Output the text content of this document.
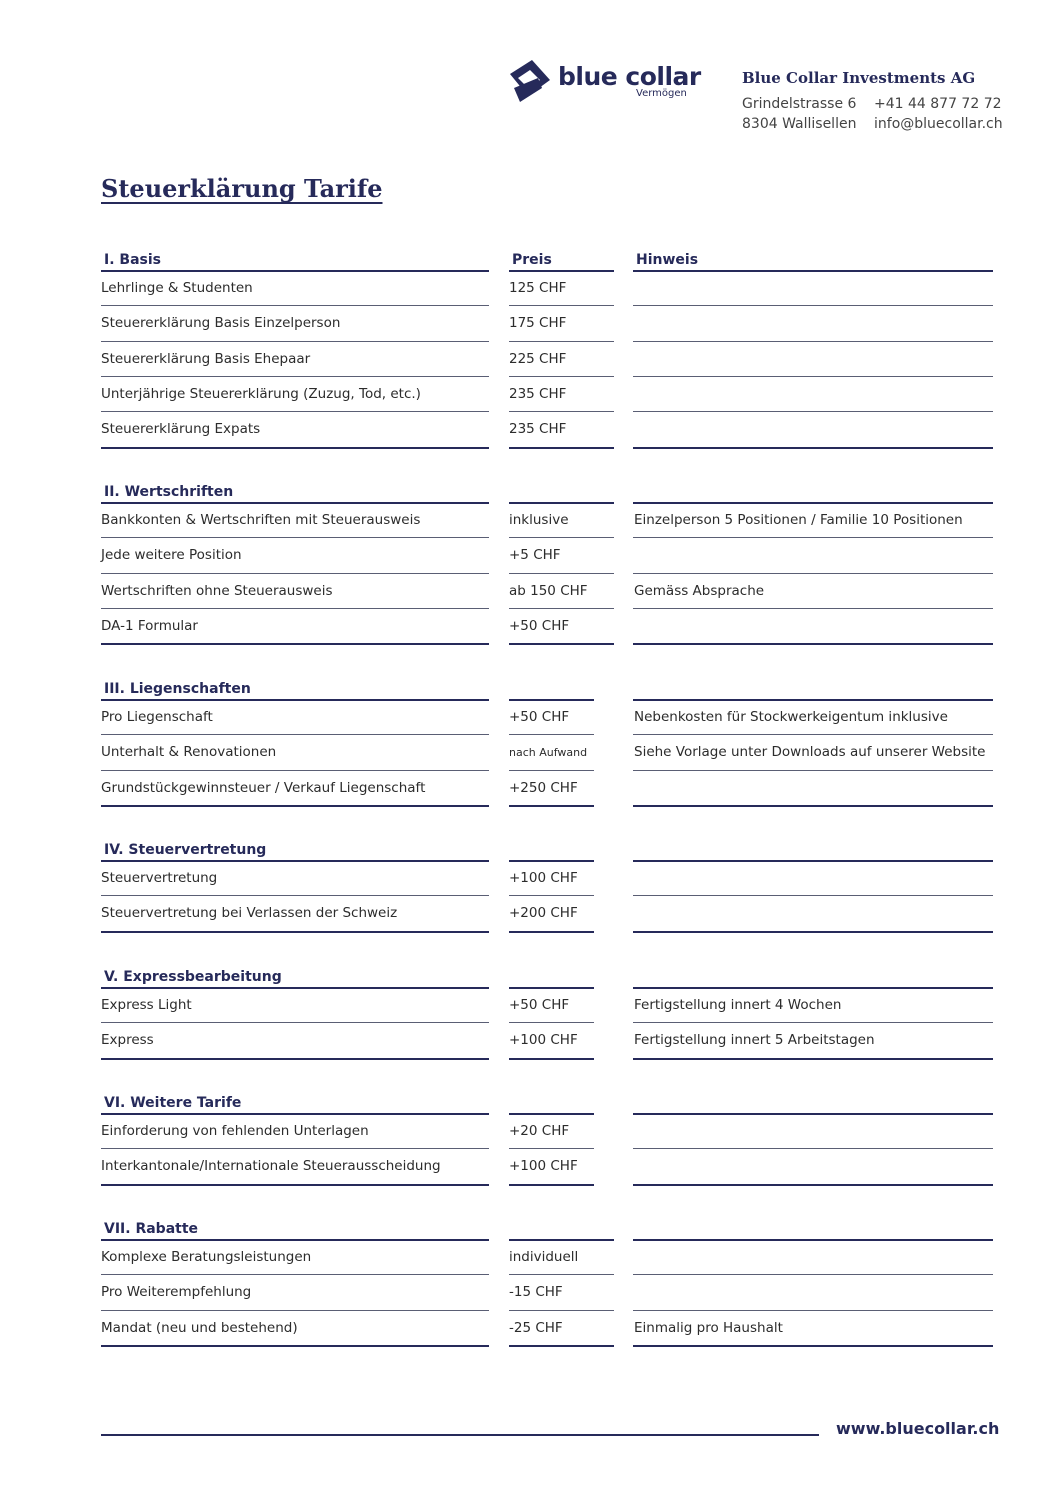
blue collar
Vermögen
Blue Collar Investments AG
Grindelstrasse 6
8304 Wallisellen
+41 44 877 72 72
info@bluecollar.ch
Steuerklärung Tarife
I. Basis	Preis	Hinweis
Lehrlinge & Studenten	125 CHF
Steuererklärung Basis Einzelperson	175 CHF
Steuererklärung Basis Ehepaar	225 CHF
Unterjährige Steuererklärung (Zuzug, Tod, etc.)	235 CHF
Steuererklärung Expats	235 CHF
II. Wertschriften
Bankkonten & Wertschriften mit Steuerausweis	inklusive	Einzelperson 5 Positionen / Familie 10 Positionen
Jede weitere Position	+5 CHF
Wertschriften ohne Steuerausweis	ab 150 CHF	Gemäss Absprache
DA-1 Formular	+50 CHF
III. Liegenschaften
Pro Liegenschaft	+50 CHF	Nebenkosten für Stockwerkeigentum inklusive
Unterhalt & Renovationen	nach Aufwand	Siehe Vorlage unter Downloads auf unserer Website
Grundstückgewinnsteuer / Verkauf Liegenschaft	+250 CHF
IV. Steuervertretung
Steuervertretung	+100 CHF
Steuervertretung bei Verlassen der Schweiz	+200 CHF
V. Expressbearbeitung
Express Light	+50 CHF	Fertigstellung innert 4 Wochen
Express	+100 CHF	Fertigstellung innert 5 Arbeitstagen
VI. Weitere Tarife
Einforderung von fehlenden Unterlagen	+20 CHF
Interkantonale/Internationale Steuerausscheidung	+100 CHF
VII. Rabatte
Komplexe Beratungsleistungen	individuell
Pro Weiterempfehlung	-15 CHF
Mandat (neu und bestehend)	-25 CHF	Einmalig pro Haushalt
www.bluecollar.ch
